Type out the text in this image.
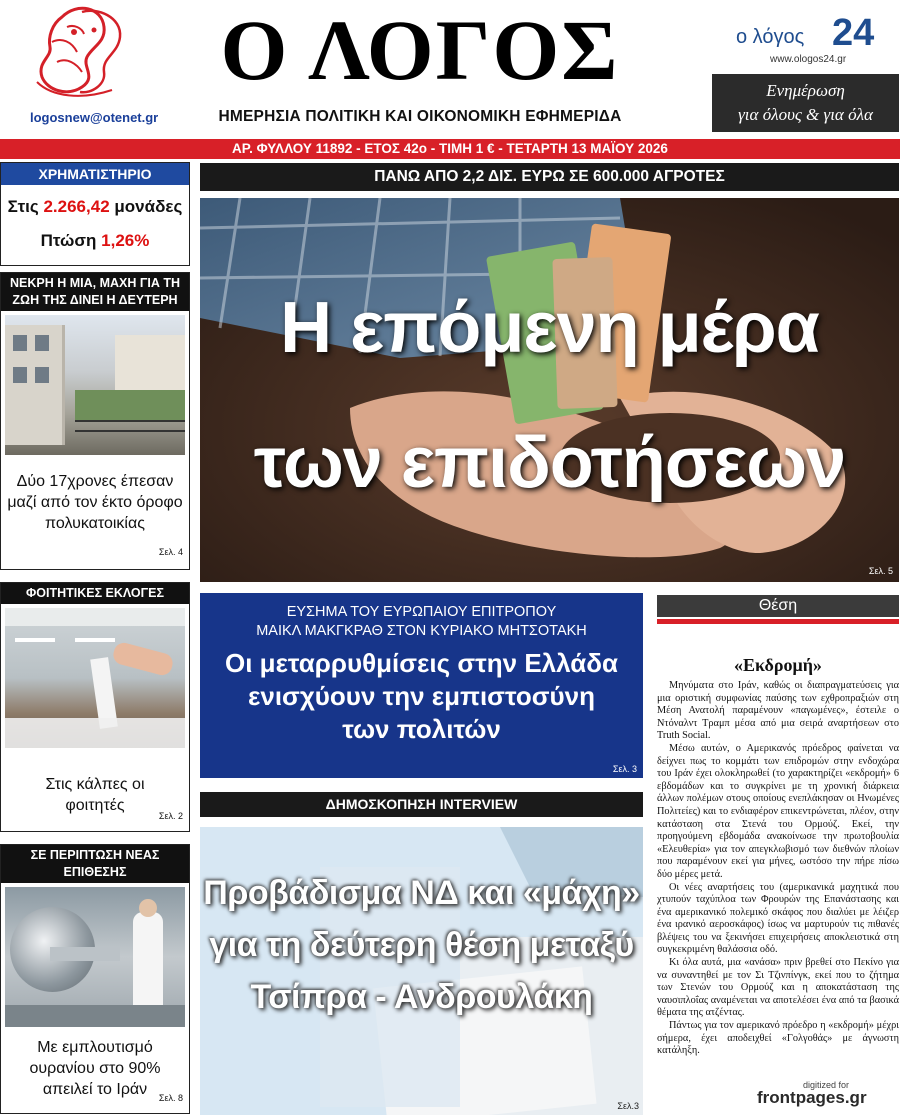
logosnew@otenet.gr
Ο ΛΟΓΟΣ
ΗΜΕΡΗΣΙΑ ΠΟΛΙΤΙΚΗ ΚΑΙ ΟΙΚΟΝΟΜΙΚΗ ΕΦΗΜΕΡΙΔΑ
ο λόγος 24
www.ologos24.gr
Ενημέρωση
για όλους & για όλα
ΑΡ. ΦΥΛΛΟΥ 11892 - ΕΤΟΣ 42ο - ΤΙΜΗ 1 € - ΤΕΤΑΡΤΗ 13 ΜΑΪΟΥ 2026
ΧΡΗΜΑΤΙΣΤΗΡΙΟ
Στις 2.266,42 μονάδες
Πτώση 1,26%
ΝΕΚΡΗ Η ΜΙΑ, ΜΑΧΗ ΓΙΑ ΤΗ ΖΩΗ ΤΗΣ ΔΙΝΕΙ Η ΔΕΥΤΕΡΗ
Δύο 17χρονες έπεσαν μαζί από τον έκτο όροφο πολυκατοικίας
Σελ. 4
ΦΟΙΤΗΤΙΚΕΣ ΕΚΛΟΓΕΣ
Στις κάλπες οι φοιτητές
Σελ. 2
ΣΕ ΠΕΡΙΠΤΩΣΗ ΝΕΑΣ ΕΠΙΘΕΣΗΣ
Με εμπλουτισμό ουρανίου στο 90% απειλεί το Ιράν	Σελ. 8
ΠΑΝΩ ΑΠΟ 2,2 ΔΙΣ. ΕΥΡΩ ΣΕ 600.000 ΑΓΡΟΤΕΣ
Η επόμενη μέρα
των επιδοτήσεων
Σελ. 5
ΕΥΣΗΜΑ ΤΟΥ ΕΥΡΩΠΑΙΟΥ ΕΠΙΤΡΟΠΟΥ
ΜΑΙΚΛ ΜΑΚΓΚΡΑΘ ΣΤΟΝ ΚΥΡΙΑΚΟ ΜΗΤΣΟΤΑΚΗ
Οι μεταρρυθμίσεις στην Ελλάδα
ενισχύουν την εμπιστοσύνη
των πολιτών
Σελ. 3
ΔΗΜΟΣΚΟΠΗΣΗ INTERVIEW
Προβάδισμα ΝΔ και «μάχη»
για τη δεύτερη θέση μεταξύ
Τσίπρα - Ανδρουλάκη
Σελ.3
Θέση
«Εκδρομή»

Μηνύματα στο Ιράν, καθώς οι διαπραγματεύσεις για μια οριστική συμφωνίας παύσης των εχθροπραξιών στη Μέση Ανατολή παραμένουν «παγωμένες», έστειλε ο Ντόναλντ Τραμπ μέσα από μια σειρά αναρτήσεων στο Truth Social.

Μέσω αυτών, ο Αμερικανός πρόεδρος φαίνεται να δείχνει πως το κομμάτι των επιδρομών στην ενδοχώρα του Ιράν έχει ολοκληρωθεί (το χαρακτηρίζει «εκδρομή» 6 εβδομάδων και το συγκρίνει με τη χρονική διάρκεια άλλων πολέμων στους οποίους ενεπλάκησαν οι Ηνωμένες Πολιτείες) και το ενδιαφέρον επικεντρώνεται, πλέον, στην κατάσταση στα Στενά του Ορμούζ. Εκεί, την προηγούμενη εβδομάδα ανακοίνωσε την πρωτοβουλία «Ελευθερία» για τον απεγκλωβισμό των διεθνών πλοίων που παραμένουν εκεί για μήνες, ωστόσο την πήρε πίσω δύο μέρες μετά.

Οι νέες αναρτήσεις του (αμερικανικά μαχητικά που χτυπούν ταχύπλοα των Φρουρών της Επανάστασης και ένα αμερικανικό πολεμικό σκάφος που διαλύει με λέιζερ ένα ιρανικό αεροσκάφος) ίσως να μαρτυρούν τις πιθανές βλέψεις του να ξεκινήσει επιχειρήσεις αποκλειστικά στη συγκεκριμένη θαλάσσια οδό.

Κι όλα αυτά, μια «ανάσα» πριν βρεθεί στο Πεκίνο για να συναντηθεί με τον Σι Τζινπίνγκ, εκεί που το ζήτημα των Στενών του Ορμούζ και η αποκατάσταση της ναυσιπλοΐας αναμένεται να αποτελέσει ένα από τα βασικά θέματα της ατζέντας.

Πάντως για τον αμερικανό πρόεδρο η «εκδρομή» μέχρι σήμερα, έχει αποδειχθεί «Γολγοθάς» με άγνωστη κατάληξη.

digitized for
frontpages.gr
